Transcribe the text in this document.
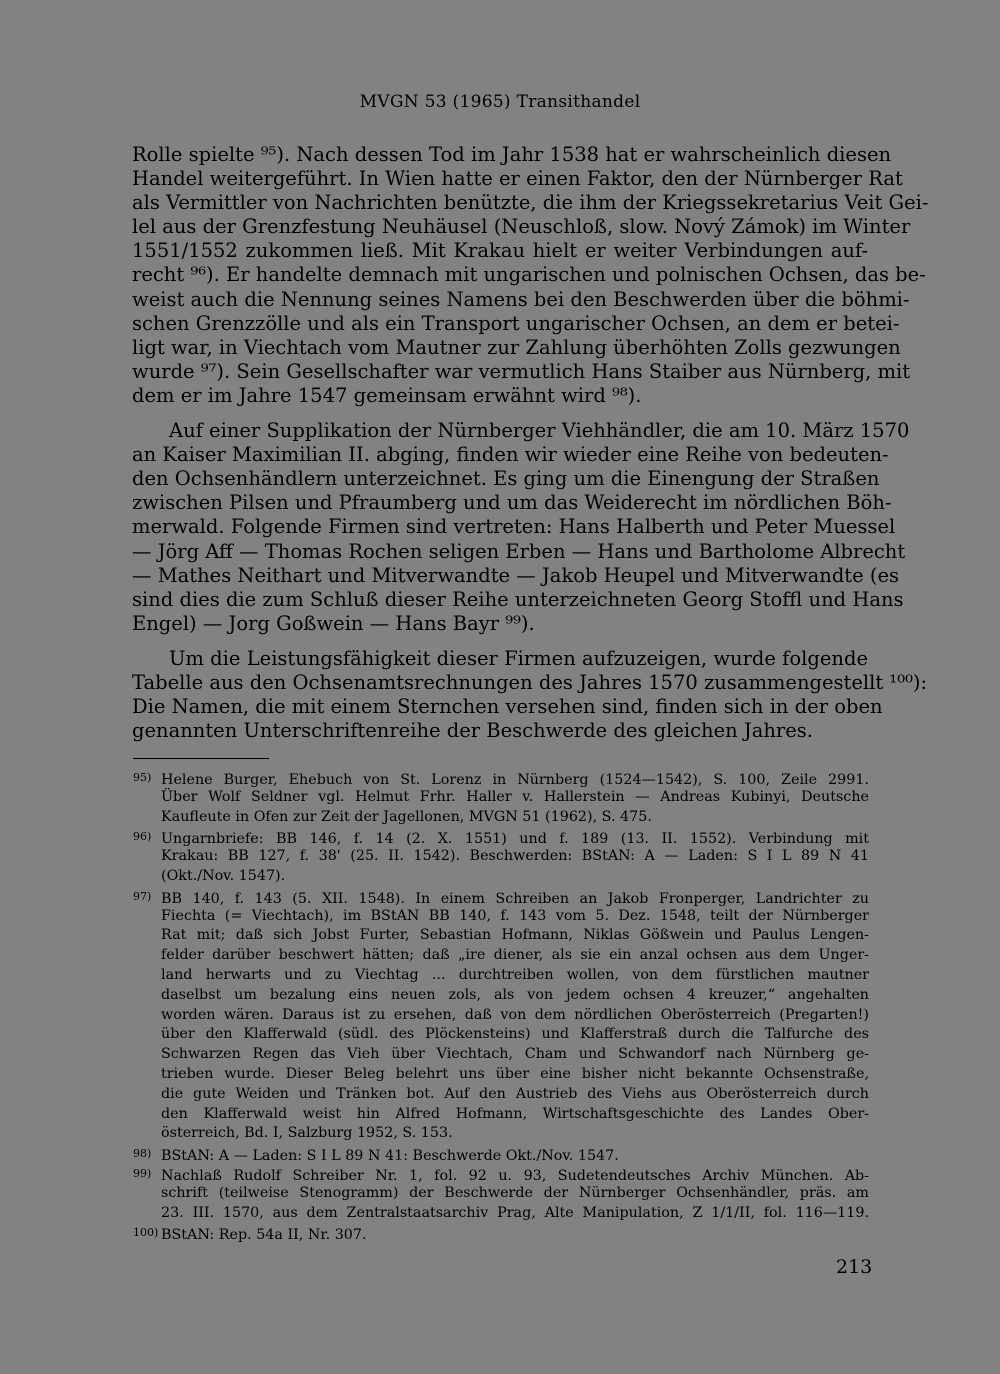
MVGN 53 (1965) Transithandel
Rolle spielte ⁹⁵). Nach dessen Tod im Jahr 1538 hat er wahrscheinlich diesen
Handel weitergeführt. In Wien hatte er einen Faktor, den der Nürnberger Rat
als Vermittler von Nachrichten benützte, die ihm der Kriegssekretarius Veit Gei-
lel aus der Grenzfestung Neuhäusel (Neuschloß, slow. Nový Zámok) im Winter
1551/1552 zukommen ließ. Mit Krakau hielt er weiter Verbindungen auf-
recht ⁹⁶). Er handelte demnach mit ungarischen und polnischen Ochsen, das be-
weist auch die Nennung seines Namens bei den Beschwerden über die böhmi-
schen Grenzzölle und als ein Transport ungarischer Ochsen, an dem er betei-
ligt war, in Viechtach vom Mautner zur Zahlung überhöhten Zolls gezwungen
wurde ⁹⁷). Sein Gesellschafter war vermutlich Hans Staiber aus Nürnberg, mit
dem er im Jahre 1547 gemeinsam erwähnt wird ⁹⁸).
Auf einer Supplikation der Nürnberger Viehhändler, die am 10. März 1570
an Kaiser Maximilian II. abging, finden wir wieder eine Reihe von bedeuten-
den Ochsenhändlern unterzeichnet. Es ging um die Einengung der Straßen
zwischen Pilsen und Pfraumberg und um das Weiderecht im nördlichen Böh-
merwald. Folgende Firmen sind vertreten: Hans Halberth und Peter Muessel
— Jörg Aff — Thomas Rochen seligen Erben — Hans und Bartholome Albrecht
— Mathes Neithart und Mitverwandte — Jakob Heupel und Mitverwandte (es
sind dies die zum Schluß dieser Reihe unterzeichneten Georg Stoffl und Hans
Engel) — Jorg Goßwein — Hans Bayr ⁹⁹).
Um die Leistungsfähigkeit dieser Firmen aufzuzeigen, wurde folgende
Tabelle aus den Ochsenamtsrechnungen des Jahres 1570 zusammengestellt ¹⁰⁰):
Die Namen, die mit einem Sternchen versehen sind, finden sich in der oben
genannten Unterschriftenreihe der Beschwerde des gleichen Jahres.
95) Helene Burger, Ehebuch von St. Lorenz in Nürnberg (1524—1542), S. 100, Zeile 2991.
Über Wolf Seldner vgl. Helmut Frhr. Haller v. Hallerstein — Andreas Kubinyi, Deutsche
Kaufleute in Ofen zur Zeit der Jagellonen, MVGN 51 (1962), S. 475.
96) Ungarnbriefe: BB 146, f. 14 (2. X. 1551) und f. 189 (13. II. 1552). Verbindung mit
Krakau: BB 127, f. 38' (25. II. 1542). Beschwerden: BStAN: A — Laden: S I L 89 N 41
(Okt./Nov. 1547).
97) BB 140, f. 143 (5. XII. 1548). In einem Schreiben an Jakob Fronperger, Landrichter zu
Fiechta (= Viechtach), im BStAN BB 140, f. 143 vom 5. Dez. 1548, teilt der Nürnberger
Rat mit; daß sich Jobst Furter, Sebastian Hofmann, Niklas Gößwein und Paulus Lengen-
felder darüber beschwert hätten; daß „ire diener, als sie ein anzal ochsen aus dem Unger-
land herwarts und zu Viechtag ... durchtreiben wollen, von dem fürstlichen mautner
daselbst um bezalung eins neuen zols, als von jedem ochsen 4 kreuzer,“ angehalten
worden wären. Daraus ist zu ersehen, daß von dem nördlichen Oberösterreich (Pregarten!)
über den Klafferwald (südl. des Plöckensteins) und Klafferstraß durch die Talfurche des
Schwarzen Regen das Vieh über Viechtach, Cham und Schwandorf nach Nürnberg ge-
trieben wurde. Dieser Beleg belehrt uns über eine bisher nicht bekannte Ochsenstraße,
die gute Weiden und Tränken bot. Auf den Austrieb des Viehs aus Oberösterreich durch
den Klafferwald weist hin Alfred Hofmann, Wirtschaftsgeschichte des Landes Ober-
österreich, Bd. I, Salzburg 1952, S. 153.
98) BStAN: A — Laden: S I L 89 N 41: Beschwerde Okt./Nov. 1547.
99) Nachlaß Rudolf Schreiber Nr. 1, fol. 92 u. 93, Sudetendeutsches Archiv München. Ab-
schrift (teilweise Stenogramm) der Beschwerde der Nürnberger Ochsenhändler, präs. am
23. III. 1570, aus dem Zentralstaatsarchiv Prag, Alte Manipulation, Z 1/1/II, fol. 116—119.
100) BStAN: Rep. 54a II, Nr. 307.
213
